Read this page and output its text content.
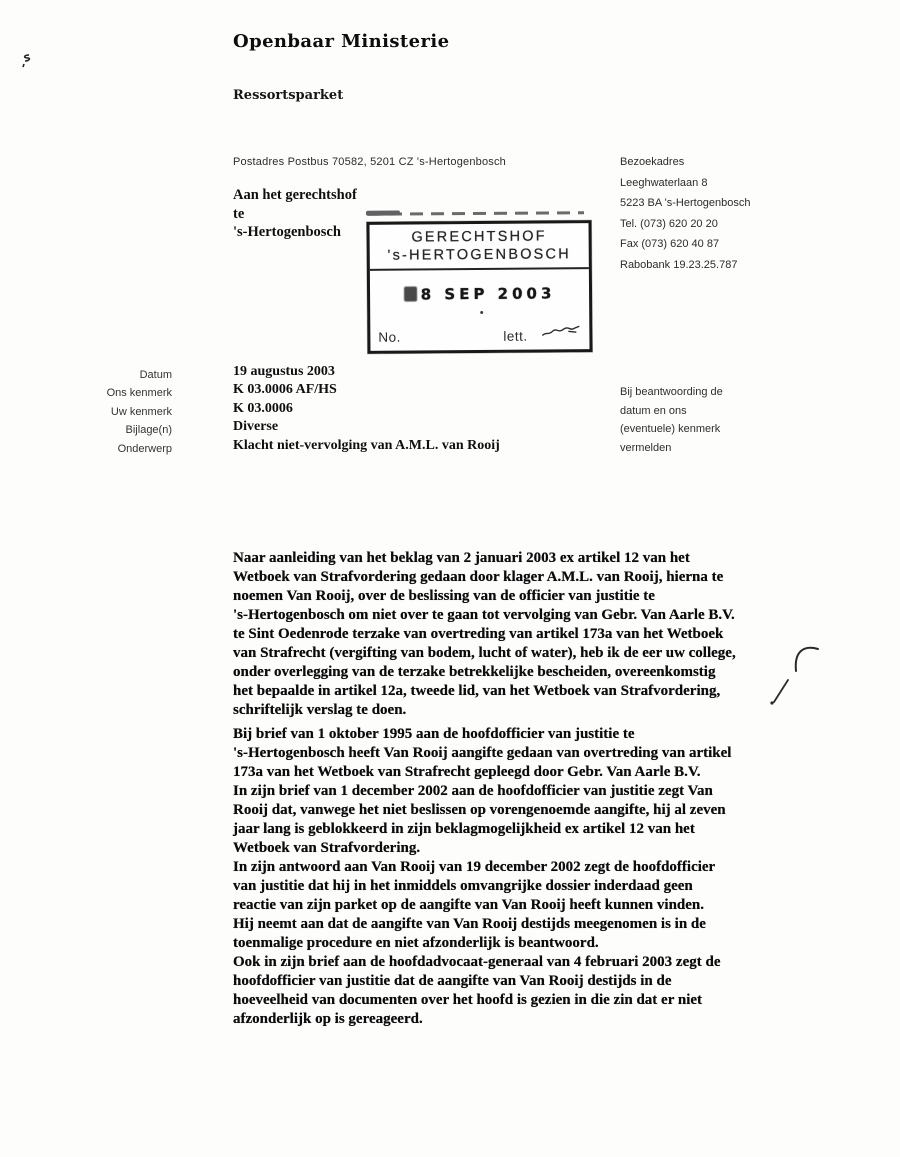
Openbaar Ministerie
Ressortsparket
Postadres Postbus 70582, 5201 CZ 's-Hertogenbosch
Aan het gerechtshof
te
's-Hertogenbosch
Bezoekadres
Leeghwaterlaan 8
5223 BA 's-Hertogenbosch
Tel. (073) 620 20 20
Fax (073) 620 40 87
Rabobank 19.23.25.787
GERECHTSHOF
's-HERTOGENBOSCH
8 SEP 2003
No.	lett.
Datum
Ons kenmerk
Uw kenmerk
Bijlage(n)
Onderwerp
19 augustus 2003
K 03.0006 AF/HS
K 03.0006
Diverse
Klacht niet-vervolging van A.M.L. van Rooij
Bij beantwoording de
datum en ons
(eventuele) kenmerk
vermelden
Naar aanleiding van het beklag van 2 januari 2003 ex artikel 12 van het
Wetboek van Strafvordering gedaan door klager A.M.L. van Rooij, hierna te
noemen Van Rooij, over de beslissing van de officier van justitie te
's-Hertogenbosch om niet over te gaan tot vervolging van Gebr. Van Aarle B.V.
te Sint Oedenrode terzake van overtreding van artikel 173a van het Wetboek
van Strafrecht (vergifting van bodem, lucht of water), heb ik de eer uw college,
onder overlegging van de terzake betrekkelijke bescheiden, overeenkomstig
het bepaalde in artikel 12a, tweede lid, van het Wetboek van Strafvordering,
schriftelijk verslag te doen.
Bij brief van 1 oktober 1995 aan de hoofdofficier van justitie te
's-Hertogenbosch heeft Van Rooij aangifte gedaan van overtreding van artikel
173a van het Wetboek van Strafrecht gepleegd door Gebr. Van Aarle B.V.
In zijn brief van 1 december 2002 aan de hoofdofficier van justitie zegt Van
Rooij dat, vanwege het niet beslissen op vorengenoemde aangifte, hij al zeven
jaar lang is geblokkeerd in zijn beklagmogelijkheid ex artikel 12 van het
Wetboek van Strafvordering.
In zijn antwoord aan Van Rooij van 19 december 2002 zegt de hoofdofficier
van justitie dat hij in het inmiddels omvangrijke dossier inderdaad geen
reactie van zijn parket op de aangifte van Van Rooij heeft kunnen vinden.
Hij neemt aan dat de aangifte van Van Rooij destijds meegenomen is in de
toenmalige procedure en niet afzonderlijk is beantwoord.
Ook in zijn brief aan de hoofdadvocaat-generaal van 4 februari 2003 zegt de
hoofdofficier van justitie dat de aangifte van Van Rooij destijds in de
hoeveelheid van documenten over het hoofd is gezien in die zin dat er niet
afzonderlijk op is gereageerd.
